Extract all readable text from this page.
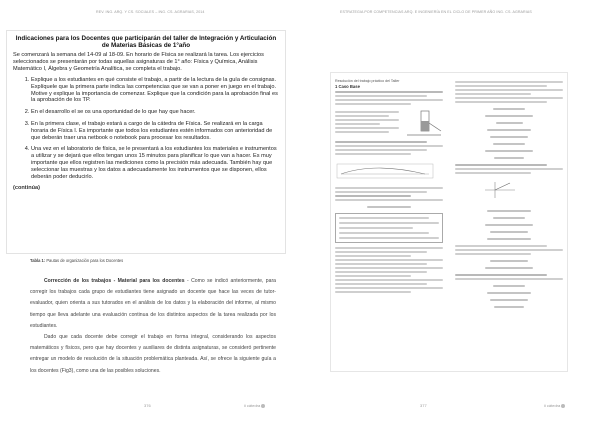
REV. ING. ARQ. Y CS. SOCIALES – ING. CS. AGRARIAS, 2014
Indicaciones para los Docentes que participarán del taller de Integración y Articulación de Materias Básicas de 1°año

Se comenzará la semana del 14-09 al 18-09. En horario de Física se realizará la tarea. Los ejercicios seleccionados se presentarán por todas aquellas asignaturas de 1° año: Física y Química, Análisis Matemático I, Álgebra y Geometría Analítica, se completa el trabajo.

1. Explique a los estudiantes en qué consiste el trabajo, a partir de la lectura de la guía de consignas. Explíquele que la primera parte indica las competencias que se van a poner en juego en el trabajo. Motive y explique la importancia de comenzar. Explique que la condición para la aprobación final es la aprobación de los TP.
2. En el desarrollo el se os una oportunidad de lo que hay que hacer.
3. En la primera clase, el trabajo estará a cargo de la cátedra de Física. Se realizará en la carga horaria de Física I. Es importante que todos los estudiantes estén informados con anterioridad de que deberán traer una netbook o notebook para procesar los resultados.
4. Una vez en el laboratorio de física, se le presentará a los estudiantes los materiales e instrumentos a utilizar y se dejará que ellos tengan unos 15 minutos para planificar lo que van a hacer. Es muy importante que ellos registren las mediciones como la precisión más adecuada. También hay que seleccionar las muestras y los datos a adecuadamente los instrumentos que se disponen, ellos deberán poder deducirlo.
(continúa)
Tabla 1: Pautas de organización para los Docentes

Corrección de los trabajos - Material para los docentes - Como se indicó anteriormente, para corregir los trabajos cada grupo de estudiantes tiene asignado un docente que hace las veces de tutor-evaluador, quien orienta a sus tutorados en el análisis de los datos y la elaboración del informe, al mismo tiempo que lleva adelante una evaluación continua de los distintos aspectos de la tarea realizada por los estudiantes.

Dado que cada docente debe corregir el trabajo en forma integral, considerando los aspectos matemáticos y físicos, pero que hay docentes y auxiliares de distinta asignaturas, se consideró pertinente entregar un modelo de resolución de la situación problemática planteada. Así, se ofrece la siguiente guía a los docentes (Fig3), como una de las posibles soluciones.

376	ii cátedra
ESTRATEGIA POR COMPETENCIAS ARQ. E INGENIERÍA EN EL CICLO DE PRIMER AÑO ING. CS. AGRARIAS
Resolución del trabajo práctico del Taller
1 Caso Base
377	ii cátedra
